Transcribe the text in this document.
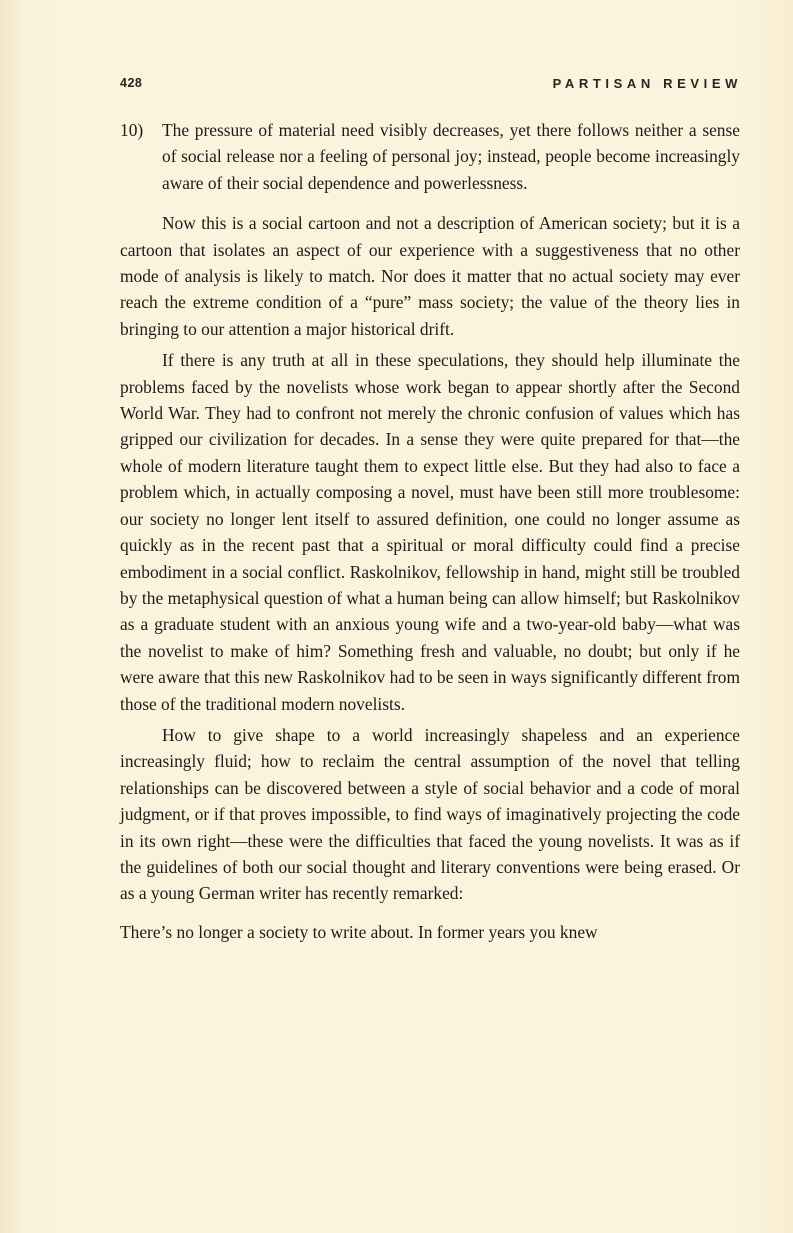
428	PARTISAN REVIEW
10) The pressure of material need visibly decreases, yet there follows neither a sense of social release nor a feeling of personal joy; instead, people become increasingly aware of their social dependence and powerlessness.

Now this is a social cartoon and not a description of American society; but it is a cartoon that isolates an aspect of our experience with a suggestiveness that no other mode of analysis is likely to match. Nor does it matter that no actual society may ever reach the extreme condition of a “pure” mass society; the value of the theory lies in bringing to our attention a major historical drift.

If there is any truth at all in these speculations, they should help illuminate the problems faced by the novelists whose work began to appear shortly after the Second World War. They had to confront not merely the chronic confusion of values which has gripped our civilization for decades. In a sense they were quite prepared for that—the whole of modern literature taught them to expect little else. But they had also to face a problem which, in actually composing a novel, must have been still more troublesome: our society no longer lent itself to assured definition, one could no longer assume as quickly as in the recent past that a spiritual or moral difficulty could find a precise embodiment in a social conflict. Raskolnikov, fellowship in hand, might still be troubled by the metaphysical question of what a human being can allow himself; but Raskolnikov as a graduate student with an anxious young wife and a two-year-old baby—what was the novelist to make of him? Something fresh and valuable, no doubt; but only if he were aware that this new Raskolnikov had to be seen in ways significantly different from those of the traditional modern novelists.

How to give shape to a world increasingly shapeless and an experience increasingly fluid; how to reclaim the central assumption of the novel that telling relationships can be discovered between a style of social behavior and a code of moral judgment, or if that proves impossible, to find ways of imaginatively projecting the code in its own right—these were the difficulties that faced the young novelists. It was as if the guidelines of both our social thought and literary conventions were being erased. Or as a young German writer has recently remarked:

There’s no longer a society to write about. In former years you knew
